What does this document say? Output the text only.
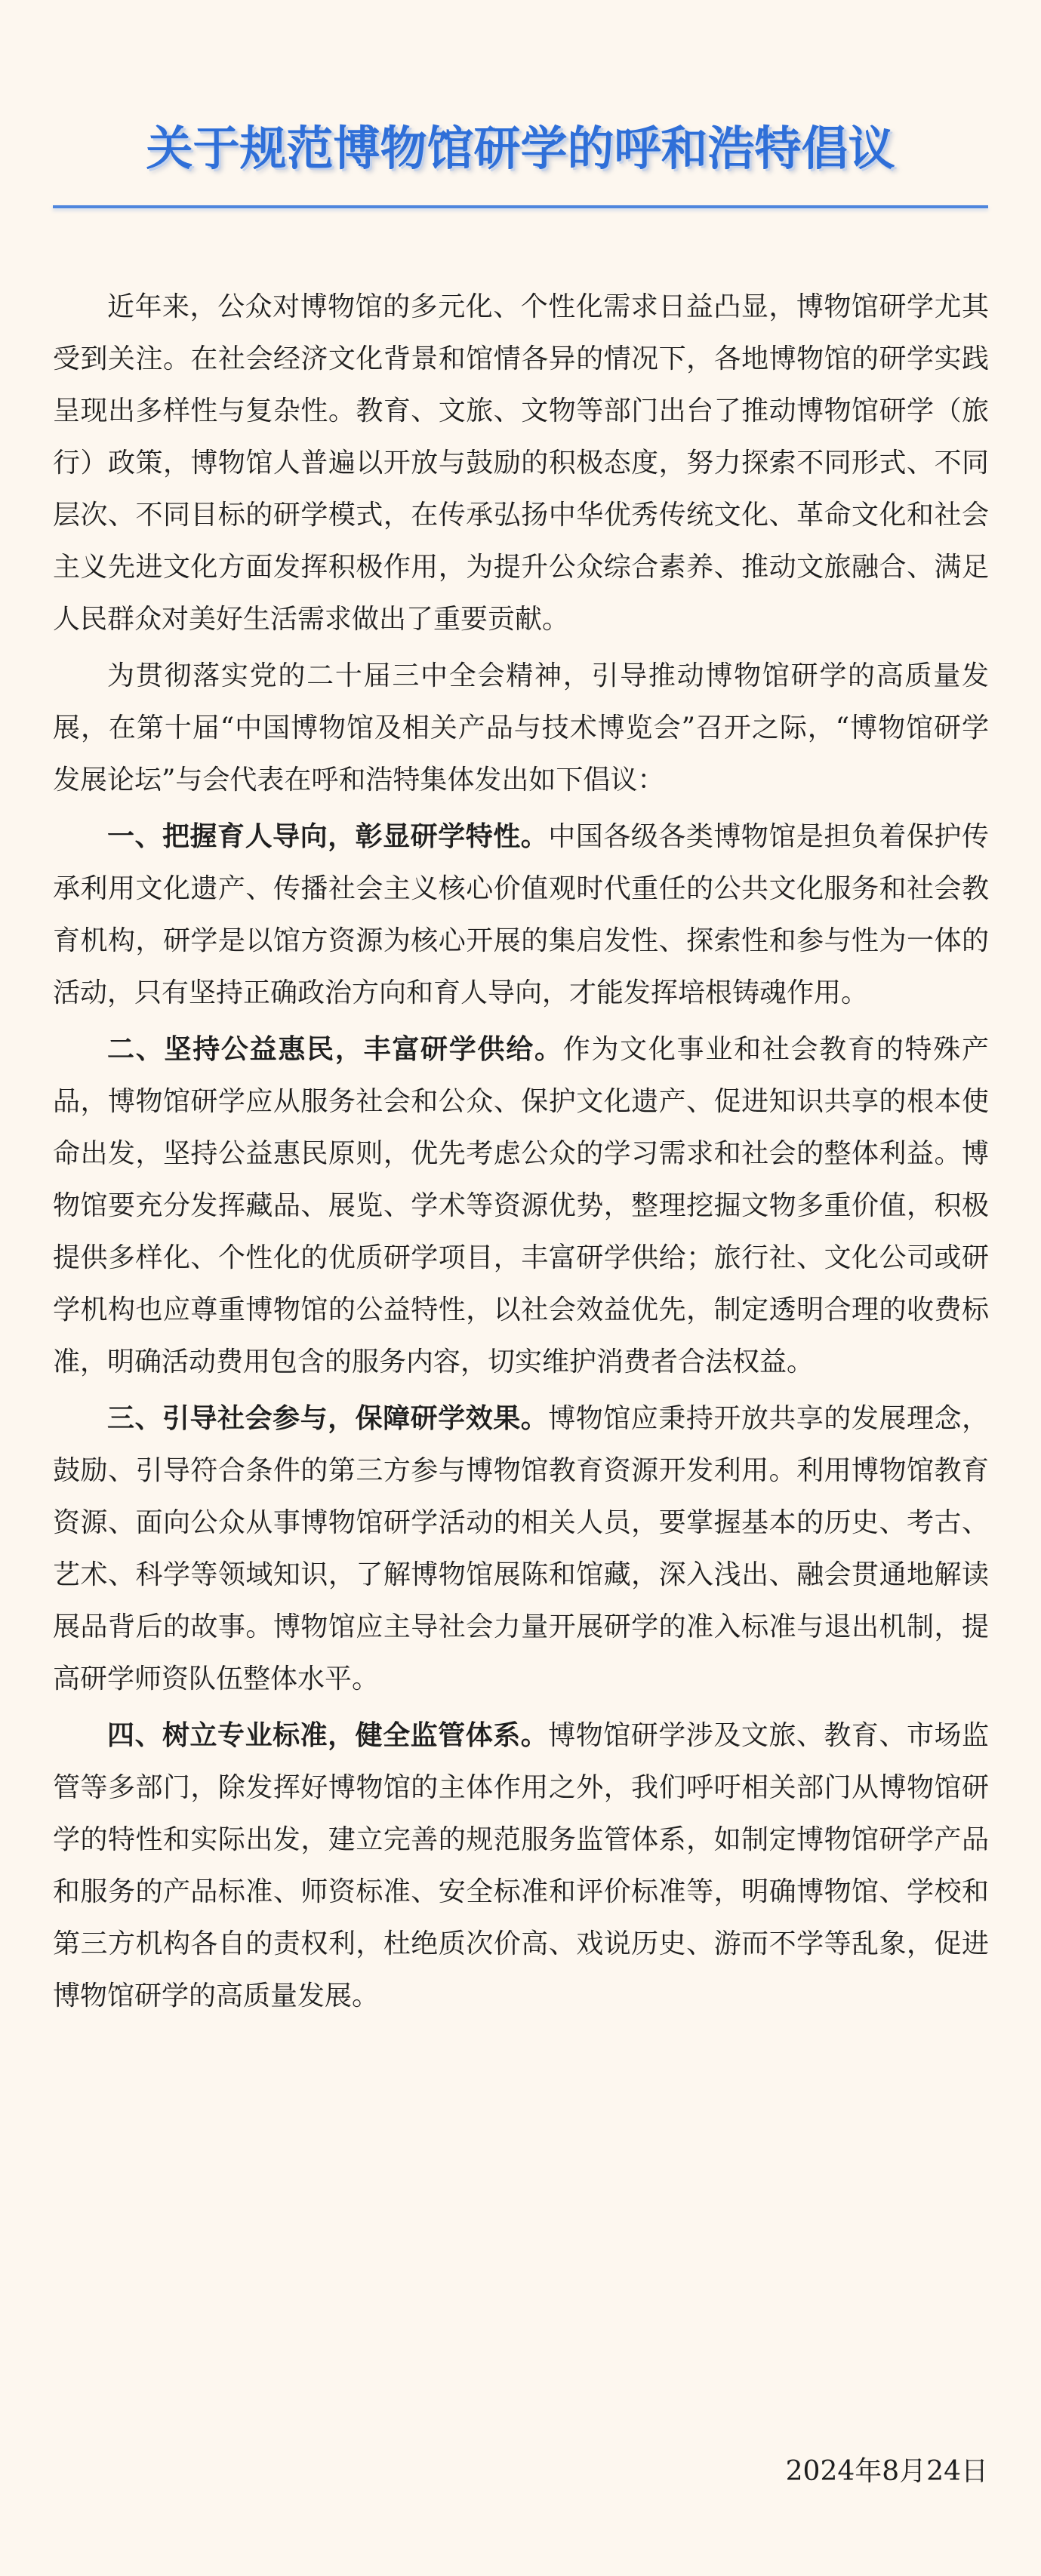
关于规范博物馆研学的呼和浩特倡议

近年来，公众对博物馆的多元化、个性化需求日益凸显，博物馆研学尤其受到关注。在社会经济文化背景和馆情各异的情况下，各地博物馆的研学实践呈现出多样性与复杂性。教育、文旅、文物等部门出台了推动博物馆研学（旅行）政策，博物馆人普遍以开放与鼓励的积极态度，努力探索不同形式、不同层次、不同目标的研学模式，在传承弘扬中华优秀传统文化、革命文化和社会主义先进文化方面发挥积极作用，为提升公众综合素养、推动文旅融合、满足人民群众对美好生活需求做出了重要贡献。

为贯彻落实党的二十届三中全会精神，引导推动博物馆研学的高质量发展，在第十届“中国博物馆及相关产品与技术博览会”召开之际，“博物馆研学发展论坛”与会代表在呼和浩特集体发出如下倡议：

一、把握育人导向，彰显研学特性。中国各级各类博物馆是担负着保护传承利用文化遗产、传播社会主义核心价值观时代重任的公共文化服务和社会教育机构，研学是以馆方资源为核心开展的集启发性、探索性和参与性为一体的活动，只有坚持正确政治方向和育人导向，才能发挥培根铸魂作用。

二、坚持公益惠民，丰富研学供给。作为文化事业和社会教育的特殊产品，博物馆研学应从服务社会和公众、保护文化遗产、促进知识共享的根本使命出发，坚持公益惠民原则，优先考虑公众的学习需求和社会的整体利益。博物馆要充分发挥藏品、展览、学术等资源优势，整理挖掘文物多重价值，积极提供多样化、个性化的优质研学项目，丰富研学供给；旅行社、文化公司或研学机构也应尊重博物馆的公益特性，以社会效益优先，制定透明合理的收费标准，明确活动费用包含的服务内容，切实维护消费者合法权益。

三、引导社会参与，保障研学效果。博物馆应秉持开放共享的发展理念，鼓励、引导符合条件的第三方参与博物馆教育资源开发利用。利用博物馆教育资源、面向公众从事博物馆研学活动的相关人员，要掌握基本的历史、考古、艺术、科学等领域知识，了解博物馆展陈和馆藏，深入浅出、融会贯通地解读展品背后的故事。博物馆应主导社会力量开展研学的准入标准与退出机制，提高研学师资队伍整体水平。

四、树立专业标准，健全监管体系。博物馆研学涉及文旅、教育、市场监管等多部门，除发挥好博物馆的主体作用之外，我们呼吁相关部门从博物馆研学的特性和实际出发，建立完善的规范服务监管体系，如制定博物馆研学产品和服务的产品标准、师资标准、安全标准和评价标准等，明确博物馆、学校和第三方机构各自的责权利，杜绝质次价高、戏说历史、游而不学等乱象，促进博物馆研学的高质量发展。

2024年8月24日
